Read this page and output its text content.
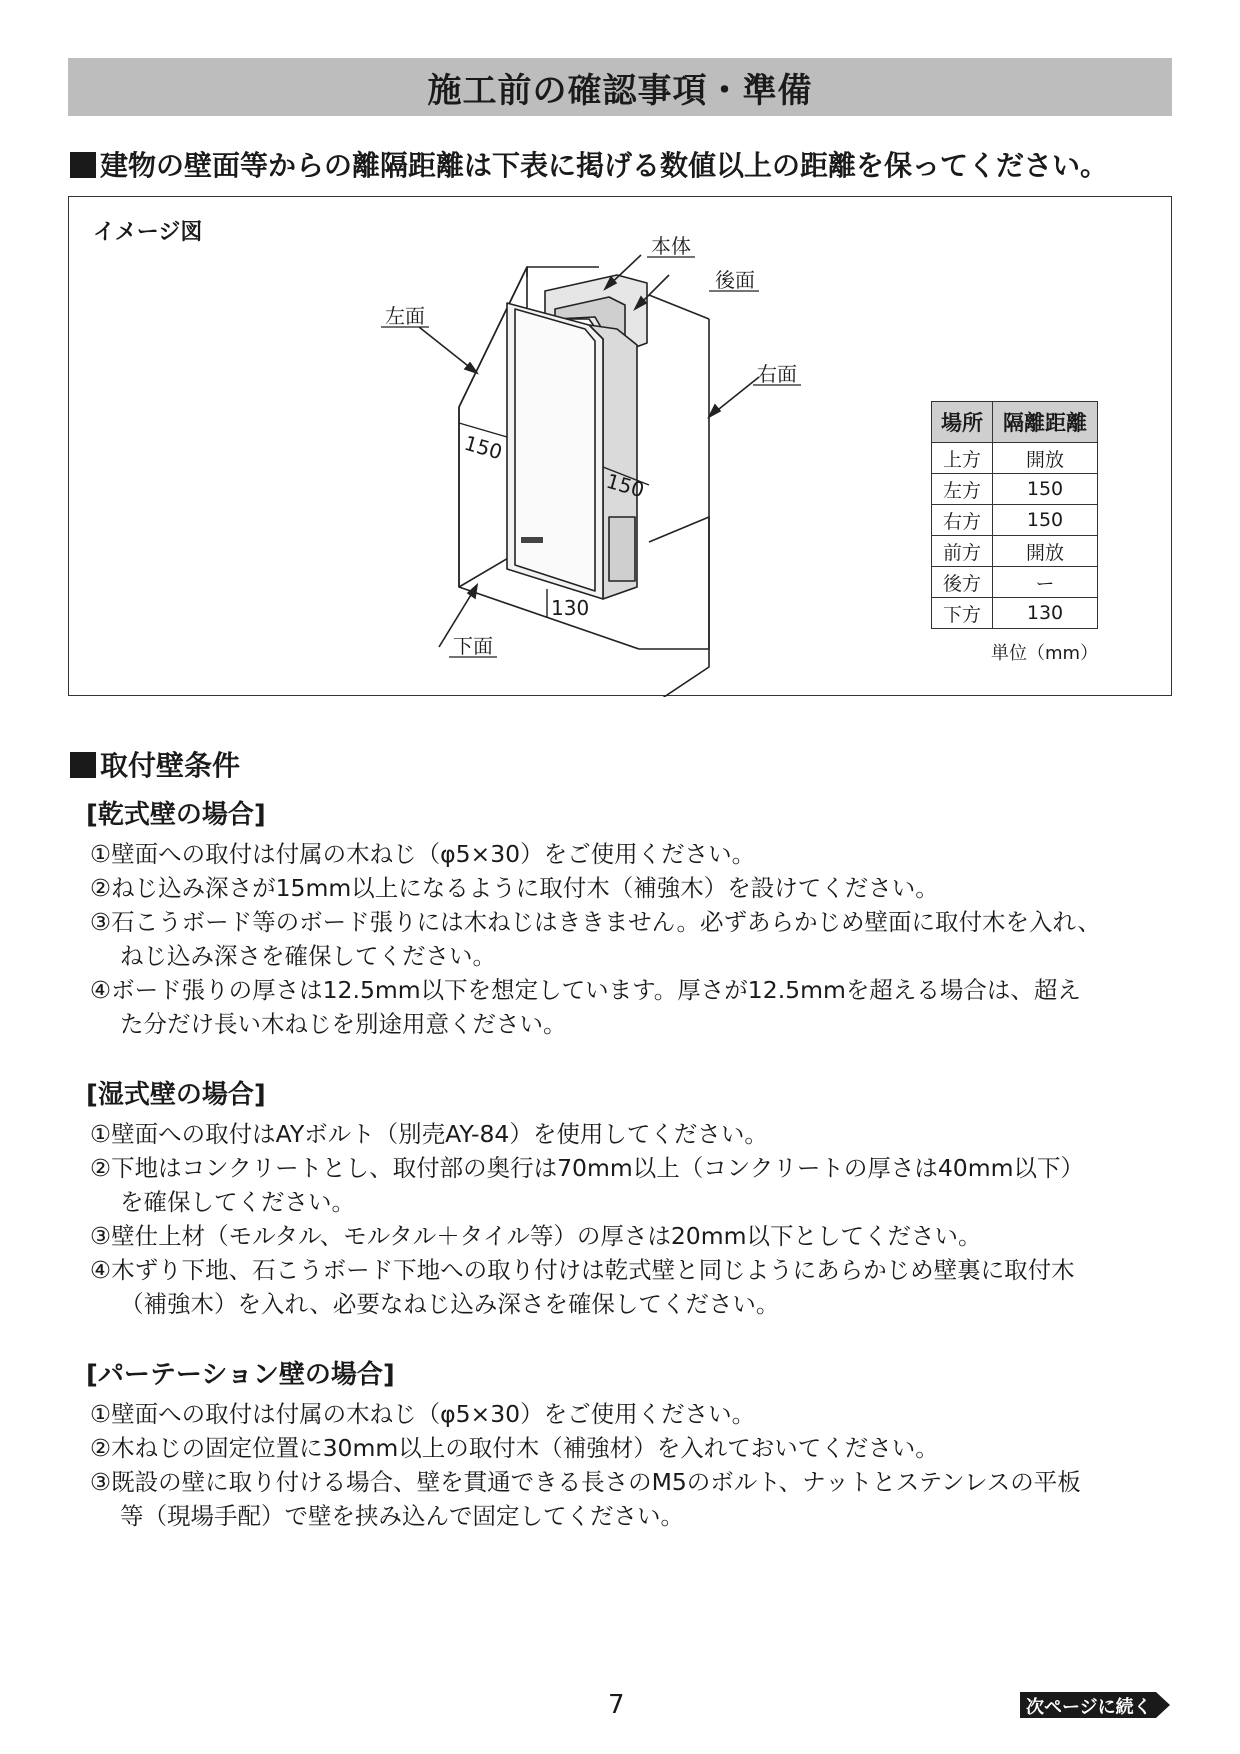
施工前の確認事項・準備
建物の壁面等からの離隔距離は下表に掲げる数値以上の距離を保ってください。
イメージ図
本体
後面
左面
右面
下面
150
150
130
場所	隔離距離
上方	開放
左方	150
右方	150
前方	開放
後方	ー
下方	130
単位（mm）
取付壁条件
[乾式壁の場合]
①壁面への取付は付属の木ねじ（φ5×30）をご使用ください。
②ねじ込み深さが15mm以上になるように取付木（補強木）を設けてください。
③石こうボード等のボード張りには木ねじはききません。必ずあらかじめ壁面に取付木を入れ、
ねじ込み深さを確保してください。
④ボード張りの厚さは12.5mm以下を想定しています。厚さが12.5mmを超える場合は、超え
た分だけ長い木ねじを別途用意ください。
[湿式壁の場合]
①壁面への取付はAYボルト（別売AY-84）を使用してください。
②下地はコンクリートとし、取付部の奥行は70mm以上（コンクリートの厚さは40mm以下）
を確保してください。
③壁仕上材（モルタル、モルタル＋タイル等）の厚さは20mm以下としてください。
④木ずり下地、石こうボード下地への取り付けは乾式壁と同じようにあらかじめ壁裏に取付木
（補強木）を入れ、必要なねじ込み深さを確保してください。
[パーテーション壁の場合]
①壁面への取付は付属の木ねじ（φ5×30）をご使用ください。
②木ねじの固定位置に30mm以上の取付木（補強材）を入れておいてください。
③既設の壁に取り付ける場合、壁を貫通できる長さのM5のボルト、ナットとステンレスの平板
等（現場手配）で壁を挟み込んで固定してください。
7	次ページに続く
